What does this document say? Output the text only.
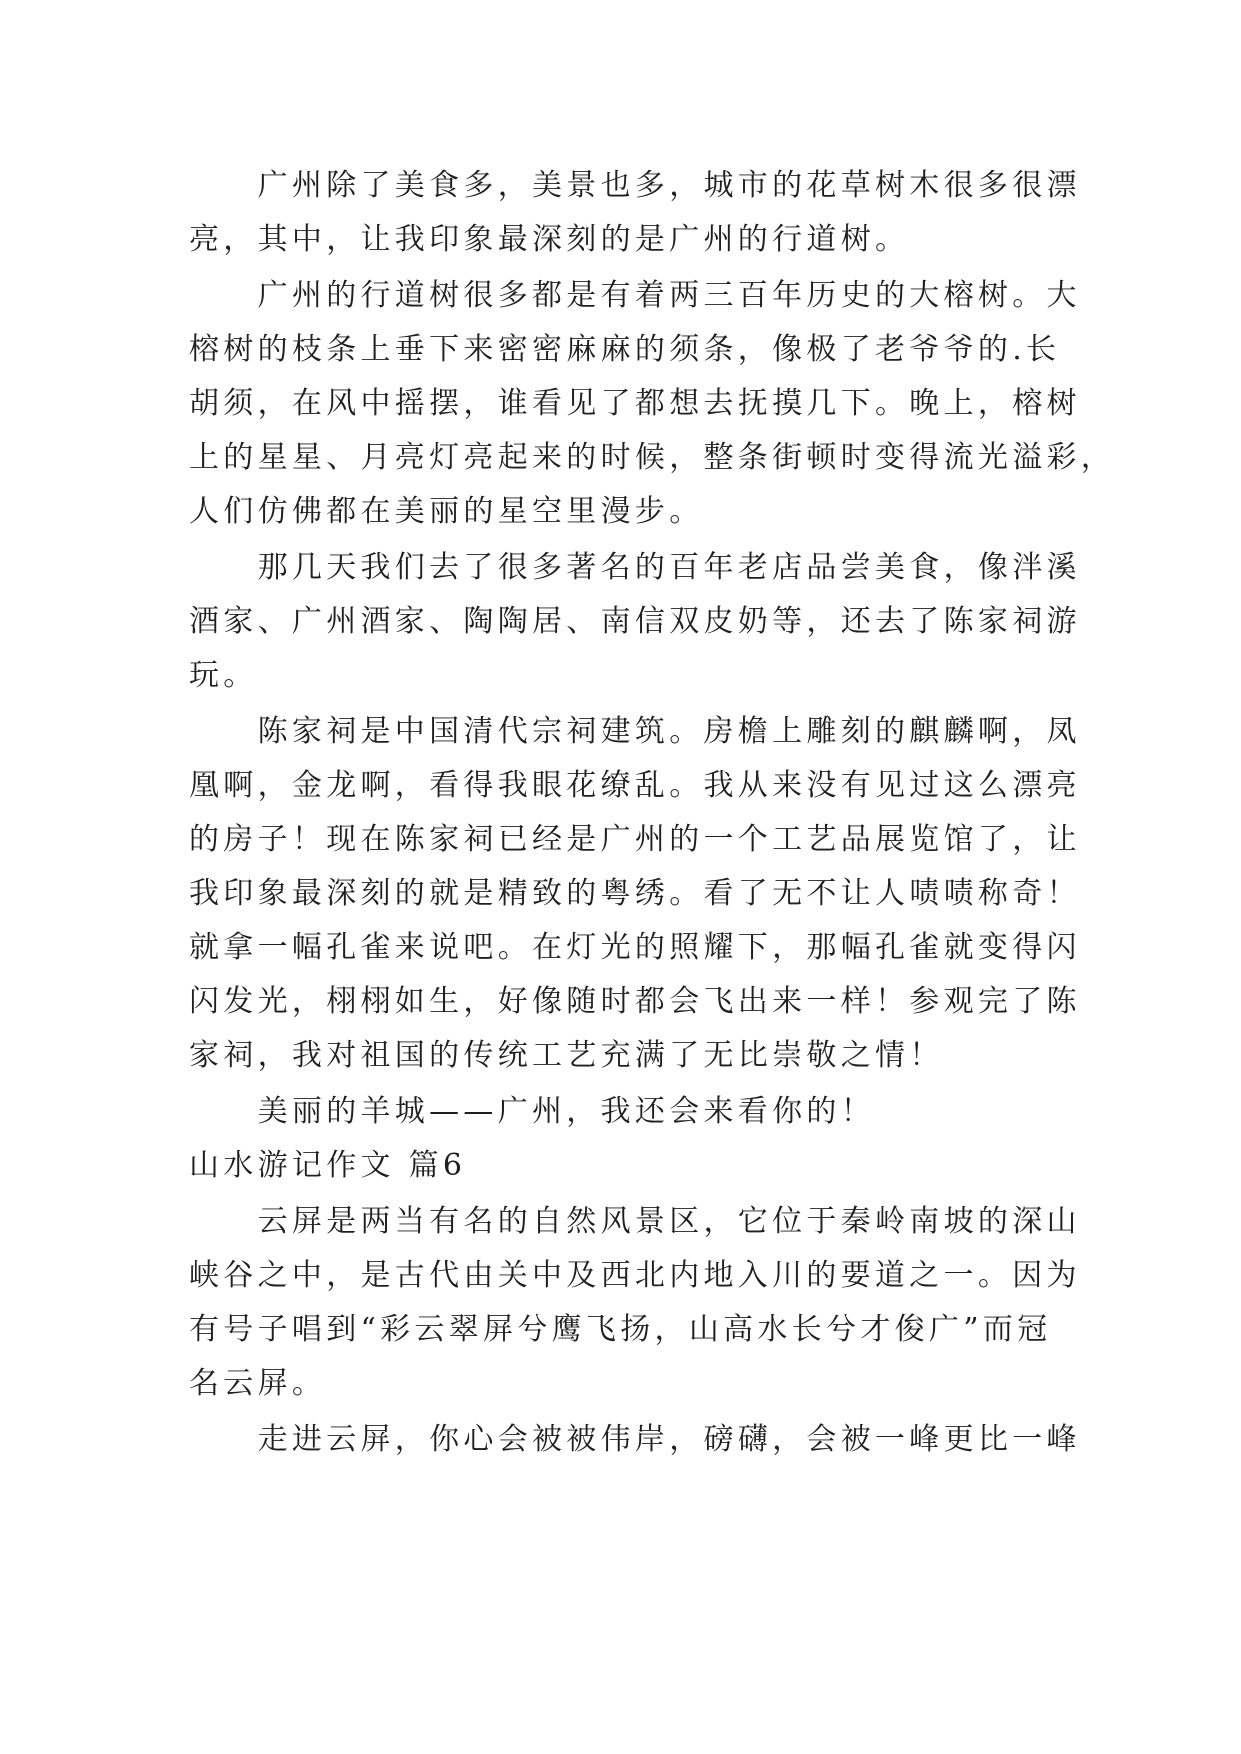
　　广州除了美食多，美景也多，城市的花草树木很多很漂
亮，其中，让我印象最深刻的是广州的行道树。
　　广州的行道树很多都是有着两三百年历史的大榕树。大
榕树的枝条上垂下来密密麻麻的须条，像极了老爷爷的.长
胡须，在风中摇摆，谁看见了都想去抚摸几下。晚上，榕树
上的星星、月亮灯亮起来的时候，整条街顿时变得流光溢彩，
人们仿佛都在美丽的星空里漫步。
　　那几天我们去了很多著名的百年老店品尝美食，像泮溪
酒家、广州酒家、陶陶居、南信双皮奶等，还去了陈家祠游
玩。
　　陈家祠是中国清代宗祠建筑。房檐上雕刻的麒麟啊，凤
凰啊，金龙啊，看得我眼花缭乱。我从来没有见过这么漂亮
的房子！现在陈家祠已经是广州的一个工艺品展览馆了，让
我印象最深刻的就是精致的粤绣。看了无不让人啧啧称奇！
就拿一幅孔雀来说吧。在灯光的照耀下，那幅孔雀就变得闪
闪发光，栩栩如生，好像随时都会飞出来一样！参观完了陈
家祠，我对祖国的传统工艺充满了无比崇敬之情！
　　美丽的羊城——广州，我还会来看你的！
山水游记作文 篇6
　　云屏是两当有名的自然风景区，它位于秦岭南坡的深山
峡谷之中，是古代由关中及西北内地入川的要道之一。因为
有号子唱到“彩云翠屏兮鹰飞扬，山高水长兮才俊广”而冠
名云屏。
　　走进云屏，你心会被被伟岸，磅礴，会被一峰更比一峰
